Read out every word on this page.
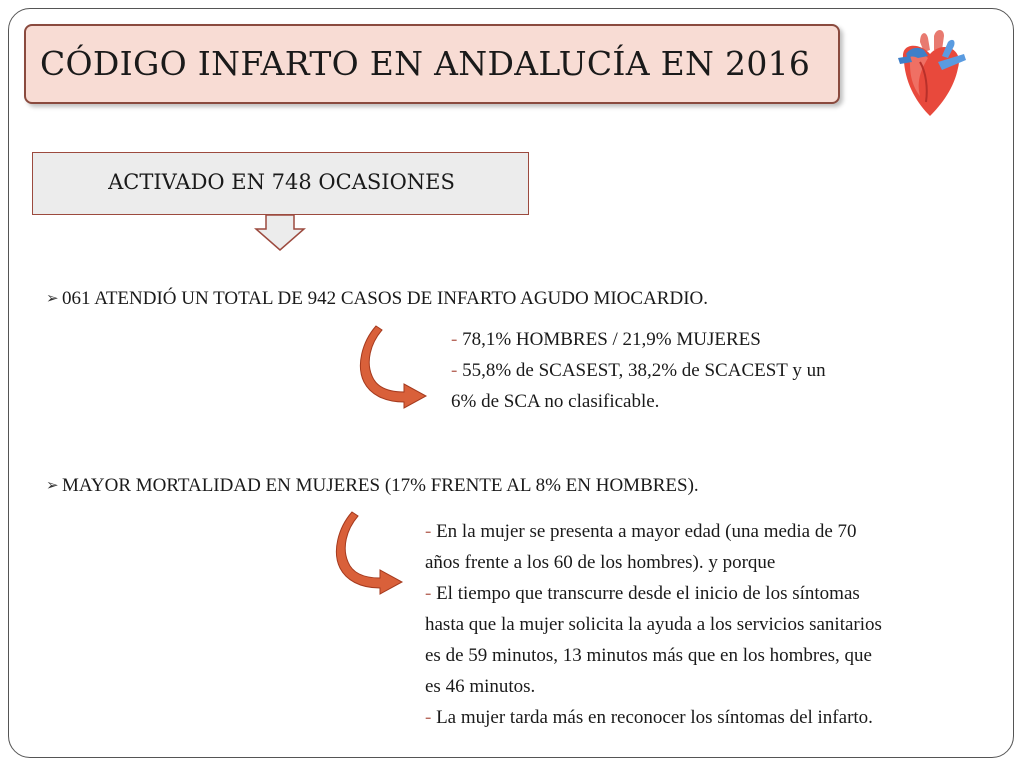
CÓDIGO INFARTO EN ANDALUCÍA EN 2016
ACTIVADO EN 748 OCASIONES
➢ 061 ATENDIÓ UN TOTAL DE 942 CASOS DE INFARTO AGUDO MIOCARDIO.
- 78,1% HOMBRES / 21,9% MUJERES
- 55,8% de SCASEST, 38,2% de SCACEST y un
6% de SCA no clasificable.
➢ MAYOR MORTALIDAD EN MUJERES (17% FRENTE AL 8% EN HOMBRES).
- En la mujer se presenta a mayor edad (una media de 70
años frente a los 60 de los hombres). y porque
- El tiempo que transcurre desde el inicio de los síntomas
hasta que la mujer solicita la ayuda a los servicios sanitarios
es de 59 minutos, 13 minutos más que en los hombres, que
es 46 minutos.
- La mujer tarda más en reconocer los síntomas del infarto.
